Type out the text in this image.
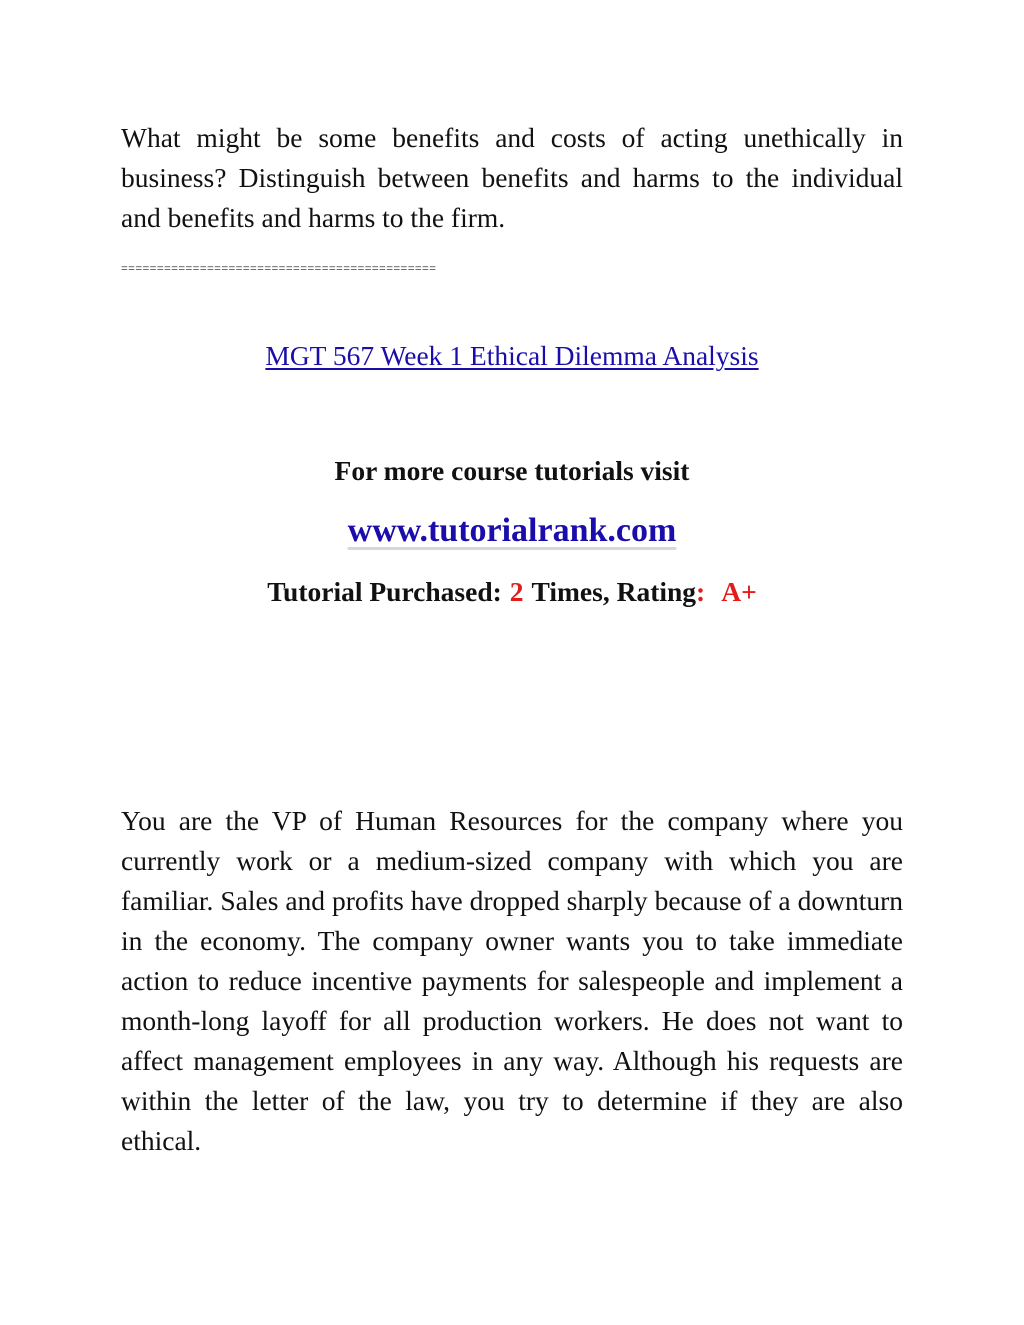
What might be some benefits and costs of acting unethically in business? Distinguish between benefits and harms to the individual and benefits and harms to the firm.

============================================

MGT 567 Week 1 Ethical Dilemma Analysis

For more course tutorials visit

www.tutorialrank.com

Tutorial Purchased: 2 Times, Rating: A+

You are the VP of Human Resources for the company where you currently work or a medium-sized company with which you are familiar. Sales and profits have dropped sharply because of a downturn in the economy. The company owner wants you to take immediate action to reduce incentive payments for salespeople and implement a month-long layoff for all production workers. He does not want to affect management employees in any way. Although his requests are within the letter of the law, you try to determine if they are also ethical.
